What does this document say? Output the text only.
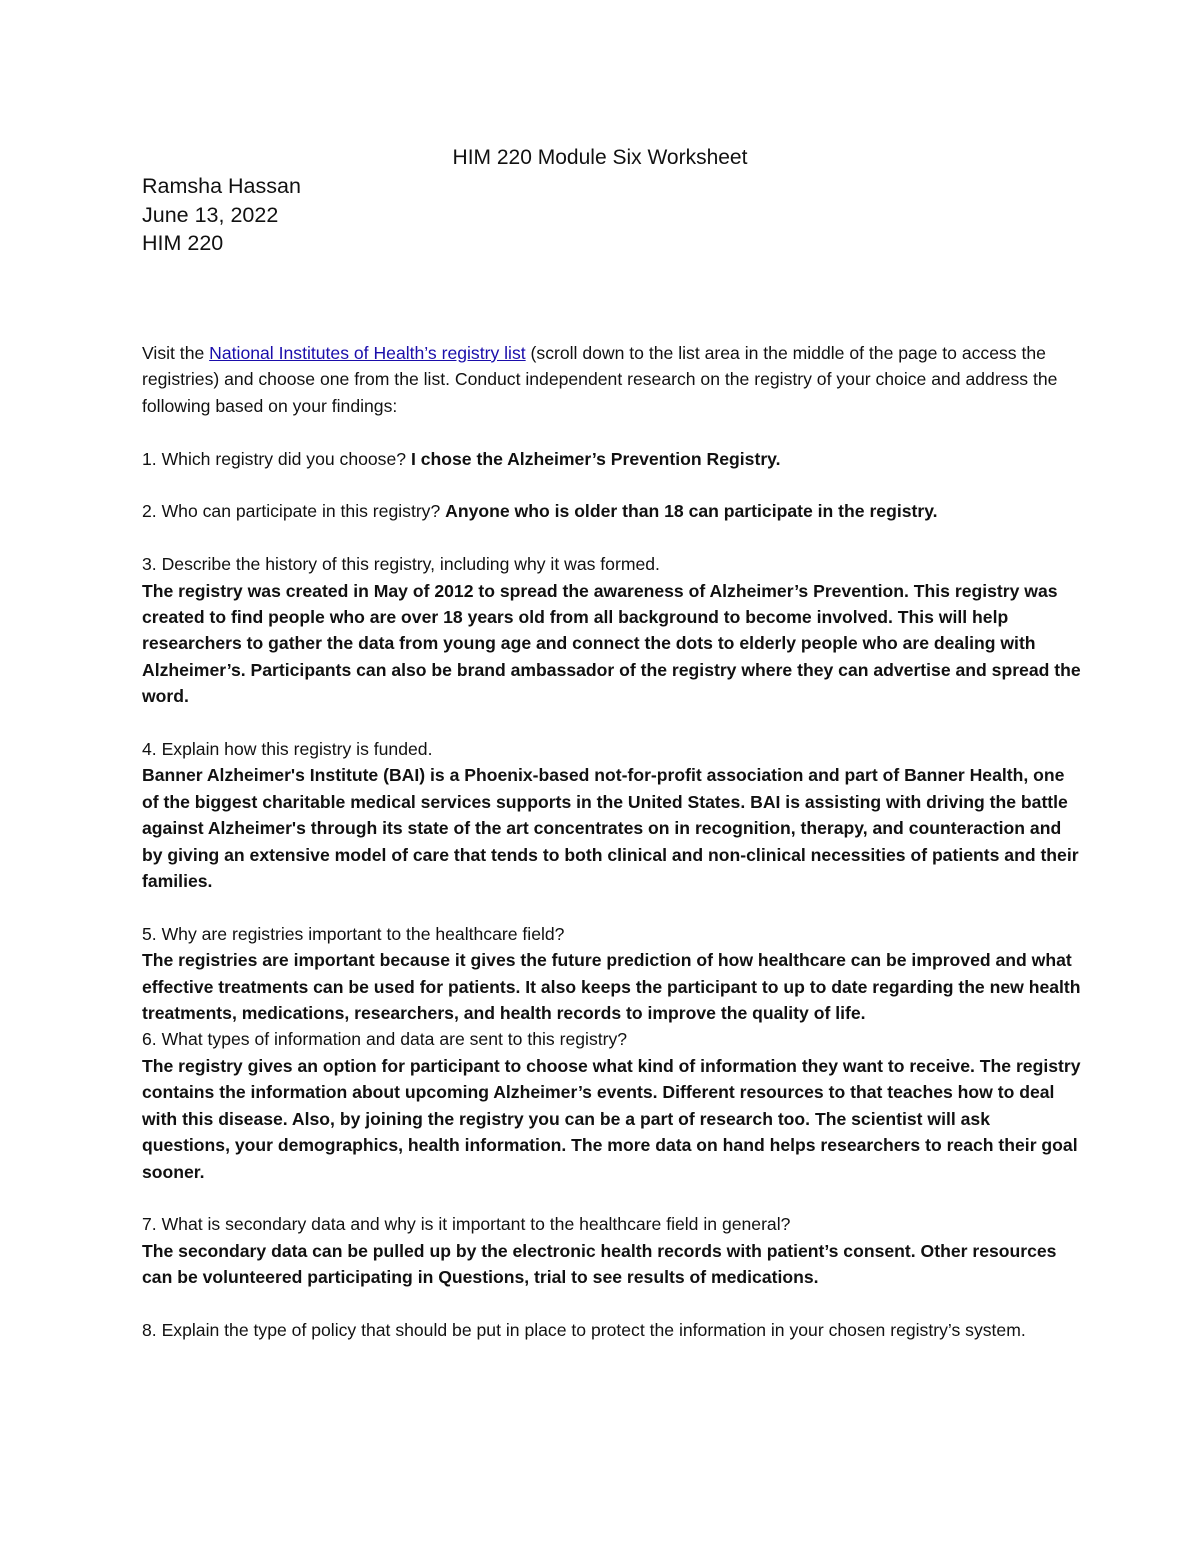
HIM 220 Module Six Worksheet
Ramsha Hassan
June 13, 2022
HIM 220

Visit the National Institutes of Health’s registry list (scroll down to the list area in the middle of the page to access the registries) and choose one from the list. Conduct independent research on the registry of your choice and address the following based on your findings:

1. Which registry did you choose? I chose the Alzheimer’s Prevention Registry.

2. Who can participate in this registry? Anyone who is older than 18 can participate in the registry.

3. Describe the history of this registry, including why it was formed.

The registry was created in May of 2012 to spread the awareness of Alzheimer’s Prevention. This registry was created to find people who are over 18 years old from all background to become involved. This will help researchers to gather the data from young age and connect the dots to elderly people who are dealing with Alzheimer’s. Participants can also be brand ambassador of the registry where they can advertise and spread the word.

4. Explain how this registry is funded.

Banner Alzheimer's Institute (BAI) is a Phoenix-based not-for-profit association and part of Banner Health, one of the biggest charitable medical services supports in the United States. BAI is assisting with driving the battle against Alzheimer's through its state of the art concentrates on in recognition, therapy, and counteraction and by giving an extensive model of care that tends to both clinical and non-clinical necessities of patients and their families.

5. Why are registries important to the healthcare field?

The registries are important because it gives the future prediction of how healthcare can be improved and what effective treatments can be used for patients. It also keeps the participant to up to date regarding the new health treatments, medications, researchers, and health records to improve the quality of life.

6. What types of information and data are sent to this registry?

The registry gives an option for participant to choose what kind of information they want to receive. The registry contains the information about upcoming Alzheimer’s events. Different resources to that teaches how to deal with this disease. Also, by joining the registry you can be a part of research too. The scientist will ask questions, your demographics, health information. The more data on hand helps researchers to reach their goal sooner.

7. What is secondary data and why is it important to the healthcare field in general?

The secondary data can be pulled up by the electronic health records with patient’s consent. Other resources can be volunteered participating in Questions, trial to see results of medications.

8. Explain the type of policy that should be put in place to protect the information in your chosen registry’s system.
